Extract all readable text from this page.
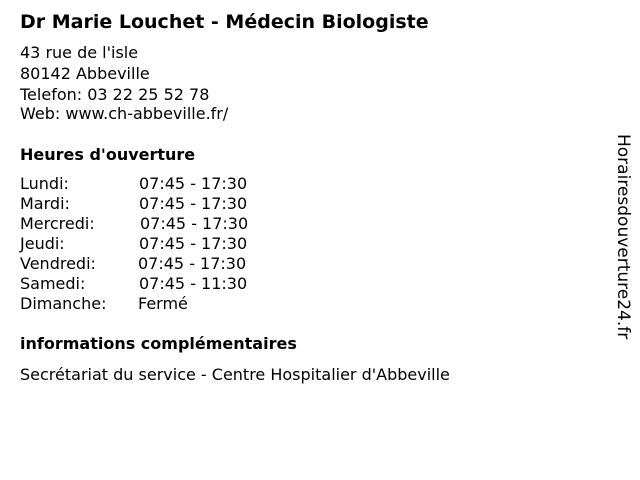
Dr Marie Louchet - Médecin Biologiste
43 rue de l'isle
80142 Abbeville
Telefon: 03 22 25 52 78
Web: www.ch-abbeville.fr/
Heures d'ouverture
Lundi:	07:45 - 17:30
Mardi:	07:45 - 17:30
Mercredi:	07:45 - 17:30
Jeudi:	07:45 - 17:30
Vendredi:	07:45 - 17:30
Samedi:	07:45 - 11:30
Dimanche: Fermé
informations complémentaires
Secrétariat du service - Centre Hospitalier d'Abbeville
Horairesdouverture24.fr
